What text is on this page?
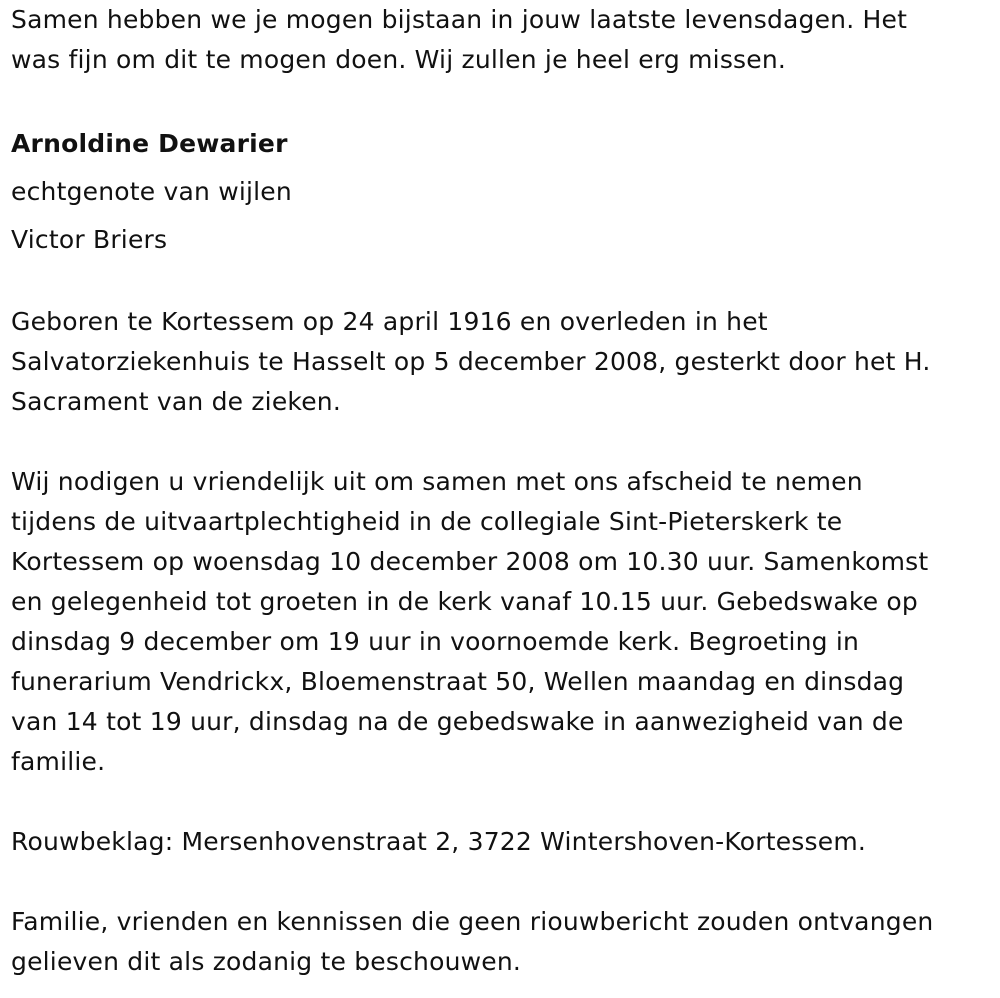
Samen hebben we je mogen bijstaan in jouw laatste levensdagen. Het
was fijn om dit te mogen doen. Wij zullen je heel erg missen.

Arnoldine Dewarier
echtgenote van wijlen
Victor Briers

Geboren te Kortessem op 24 april 1916 en overleden in het
Salvatorziekenhuis te Hasselt op 5 december 2008, gesterkt door het H.
Sacrament van de zieken.

Wij nodigen u vriendelijk uit om samen met ons afscheid te nemen
tijdens de uitvaartplechtigheid in de collegiale Sint-Pieterskerk te
Kortessem op woensdag 10 december 2008 om 10.30 uur. Samenkomst
en gelegenheid tot groeten in de kerk vanaf 10.15 uur. Gebedswake op
dinsdag 9 december om 19 uur in voornoemde kerk. Begroeting in
funerarium Vendrickx, Bloemenstraat 50, Wellen maandag en dinsdag
van 14 tot 19 uur, dinsdag na de gebedswake in aanwezigheid van de
familie.

Rouwbeklag: Mersenhovenstraat 2, 3722 Wintershoven-Kortessem.

Familie, vrienden en kennissen die geen riouwbericht zouden ontvangen
gelieven dit als zodanig te beschouwen.
